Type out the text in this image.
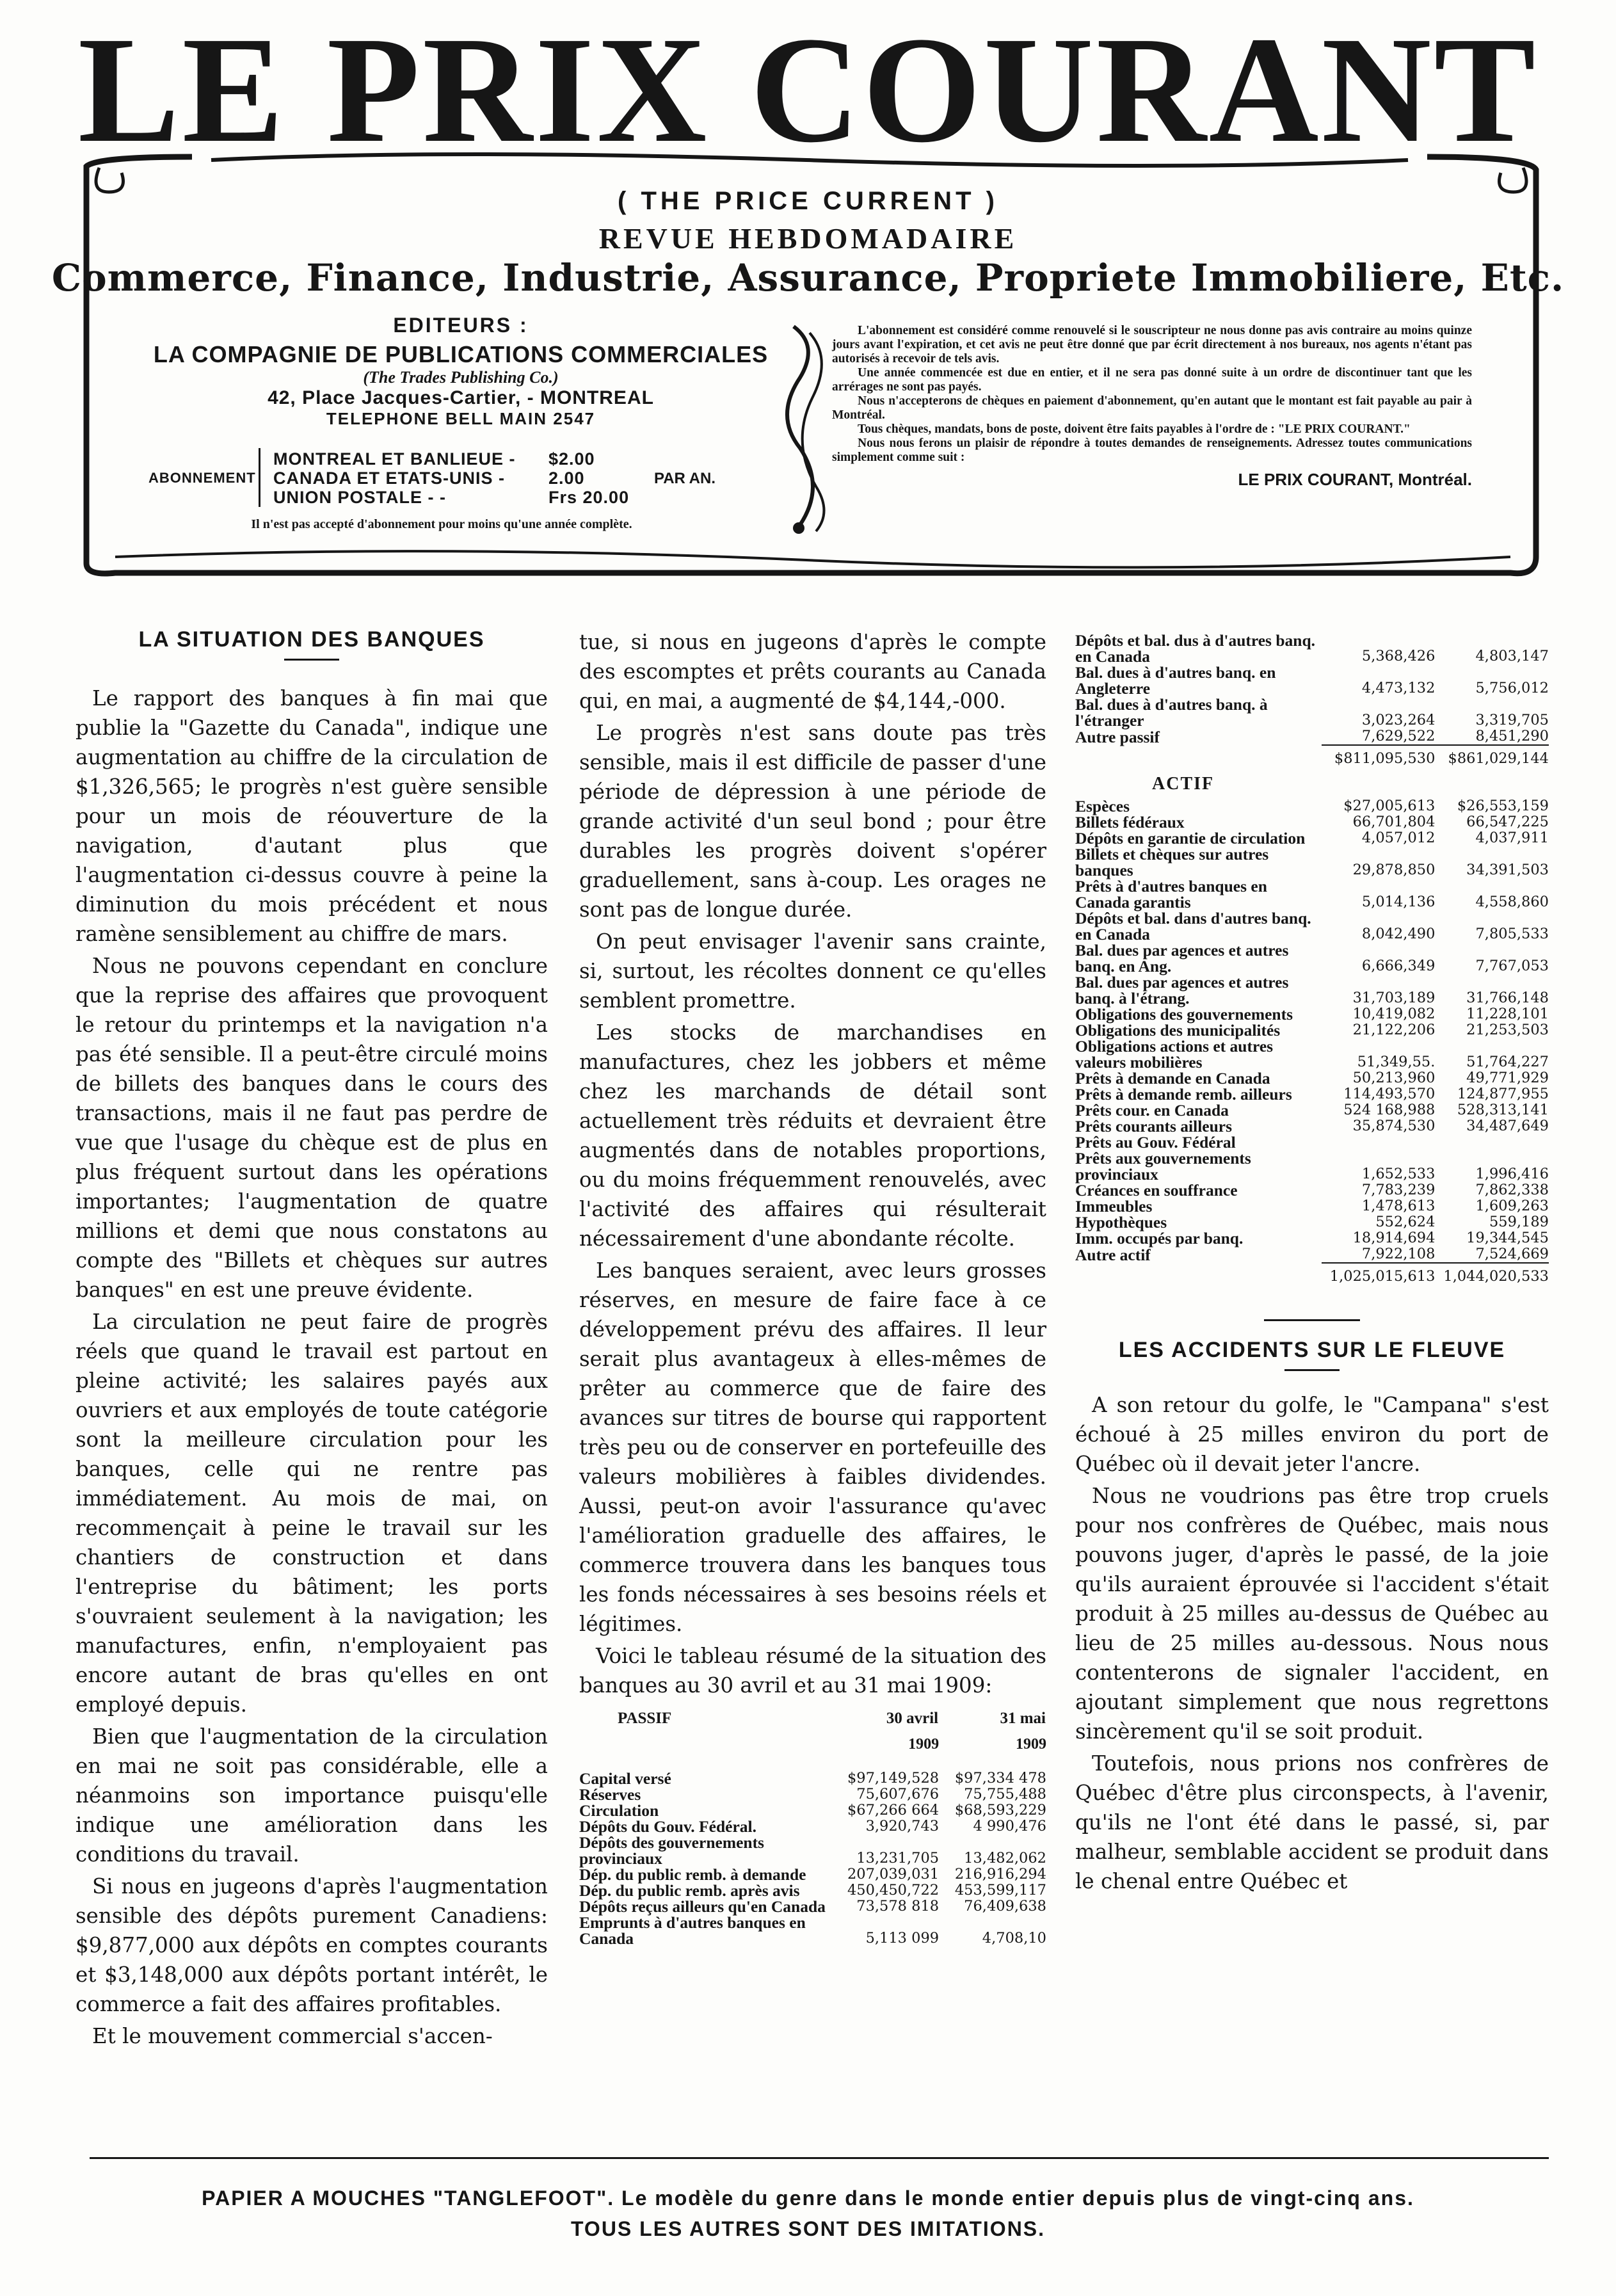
LE PRIX COURANT
( THE PRICE CURRENT )
REVUE HEBDOMADAIRE
Commerce, Finance, Industrie, Assurance, Propriete Immobiliere, Etc.
EDITEURS :
LA COMPAGNIE DE PUBLICATIONS COMMERCIALES
(The Trades Publishing Co.)
42, Place Jacques-Cartier, - MONTREAL
TELEPHONE BELL MAIN 2547
ABONNEMENT
MONTREAL ET BANLIEUE - $2.00
CANADA ET ETATS-UNIS -	2.00
UNION POSTALE - -	Frs 20.00
PAR AN.
Il n'est pas accepté d'abonnement pour moins qu'une année complète.

L'abonnement est considéré comme renouvelé si le souscripteur ne nous donne pas avis contraire au moins quinze jours avant l'expiration, et cet avis ne peut être donné que par écrit directement à nos bureaux, nos agents n'étant pas autorisés à recevoir de tels avis.

Une année commencée est due en entier, et il ne sera pas donné suite à un ordre de discontinuer tant que les arrérages ne sont pas payés.

Nous n'accepterons de chèques en paiement d'abonnement, qu'en autant que le montant est fait payable au pair à Montréal.

Tous chèques, mandats, bons de poste, doivent être faits payables à l'ordre de : "LE PRIX COURANT."

Nous nous ferons un plaisir de répondre à toutes demandes de renseignements. Adressez toutes communications simplement comme suit :

LE PRIX COURANT, Montréal.
LA SITUATION DES BANQUES

Le rapport des banques à fin mai que publie la "Gazette du Canada", indique une augmentation au chiffre de la circulation de $1,326,565; le progrès n'est guère sensible pour un mois de réouverture de la navigation, d'autant plus que l'augmentation ci-dessus couvre à peine la diminution du mois précédent et nous ramène sensiblement au chiffre de mars.

Nous ne pouvons cependant en conclure que la reprise des affaires que provoquent le retour du printemps et la navigation n'a pas été sensible. Il a peut-être circulé moins de billets des banques dans le cours des transactions, mais il ne faut pas perdre de vue que l'usage du chèque est de plus en plus fréquent surtout dans les opérations importantes; l'augmentation de quatre millions et demi que nous constatons au compte des "Billets et chèques sur autres banques" en est une preuve évidente.

La circulation ne peut faire de progrès réels que quand le travail est partout en pleine activité; les salaires payés aux ouvriers et aux employés de toute catégorie sont la meilleure circulation pour les banques, celle qui ne rentre pas immédiatement. Au mois de mai, on recommençait à peine le travail sur les chantiers de construction et dans l'entreprise du bâtiment; les ports s'ouvraient seulement à la navigation; les manufactures, enfin, n'employaient pas encore autant de bras qu'elles en ont employé depuis.

Bien que l'augmentation de la circulation en mai ne soit pas considérable, elle a néanmoins son importance puisqu'elle indique une amélioration dans les conditions du travail.

Si nous en jugeons d'après l'augmentation sensible des dépôts purement Canadiens: $9,877,000 aux dépôts en comptes courants et $3,148,000 aux dépôts portant intérêt, le commerce a fait des affaires profitables.

Et le mouvement commercial s'accen-

tue, si nous en jugeons d'après le compte des escomptes et prêts courants au Canada qui, en mai, a augmenté de $4,144,-000.

Le progrès n'est sans doute pas très sensible, mais il est difficile de passer d'une période de dépression à une période de grande activité d'un seul bond ; pour être durables les progrès doivent s'opérer graduellement, sans à-coup. Les orages ne sont pas de longue durée.

On peut envisager l'avenir sans crainte, si, surtout, les récoltes donnent ce qu'elles semblent promettre.

Les stocks de marchandises en manufactures, chez les jobbers et même chez les marchands de détail sont actuellement très réduits et devraient être augmentés dans de notables proportions, ou du moins fréquemment renouvelés, avec l'activité des affaires qui résulterait nécessairement d'une abondante récolte.

Les banques seraient, avec leurs grosses réserves, en mesure de faire face à ce développement prévu des affaires. Il leur serait plus avantageux à elles-mêmes de prêter au commerce que de faire des avances sur titres de bourse qui rapportent très peu ou de conserver en portefeuille des valeurs mobilières à faibles dividendes. Aussi, peut-on avoir l'assurance qu'avec l'amélioration graduelle des affaires, le commerce trouvera dans les banques tous les fonds nécessaires à ses besoins réels et légitimes.

Voici le tableau résumé de la situation des banques au 30 avril et au 31 mai 1909:

PASSIF	30 avril	31 mai
	1909	1909
Capital versé	$97,149,528	$97,334 478
Réserves	75,607,676	75,755,488
Circulation	$67,266 664	$68,593,229
Dépôts du Gouv. Fédéral.	3,920,743	4 990,476
Dépôts des gouvernements provinciaux	13,231,705	13,482,062
Dép. du public remb. à demande	207,039,031	216,916,294
Dép. du public remb. après avis	450,450,722	453,599,117
Dépôts reçus ailleurs qu'en Canada	73,578 818	76,409,638
Emprunts à d'autres banques en Canada	5,113 099	4,708,10
Dépôts et bal. dus à d'autres banq. en Canada	5,368,426	4,803,147
Bal. dues à d'autres banq. en Angleterre	4,473,132	5,756,012
Bal. dues à d'autres banq. à l'étranger	3,023,264	3,319,705
Autre passif	7,629,522	8,451,290
	$811,095,530	$861,029,144
ACTIF		
Espèces	$27,005,613	$26,553,159
Billets fédéraux	66,701,804	66,547,225
Dépôts en garantie de circulation	4,057,012	4,037,911
Billets et chèques sur autres banques	29,878,850	34,391,503
Prêts à d'autres banques en Canada garantis	5,014,136	4,558,860
Dépôts et bal. dans d'autres banq. en Canada	8,042,490	7,805,533
Bal. dues par agences et autres banq. en Ang.	6,666,349	7,767,053
Bal. dues par agences et autres banq. à l'étrang.	31,703,189	31,766,148
Obligations des gouvernements	10,419,082	11,228,101
Obligations des municipalités	21,122,206	21,253,503
Obligations actions et autres valeurs mobilières	51,349,55.	51,764,227
Prêts à demande en Canada	50,213,960	49,771,929
Prêts à demande remb. ailleurs	114,493,570	124,877,955
Prêts cour. en Canada	524 168,988	528,313,141
Prêts courants ailleurs	35,874,530	34,487,649
Prêts au Gouv. Fédéral		
Prêts aux gouvernements provinciaux	1,652,533	1,996,416
Créances en souffrance	7,783,239	7,862,338
Immeubles	1,478,613	1,609,263
Hypothèques	552,624	559,189
Imm. occupés par banq.	18,914,694	19,344,545
Autre actif	7,922,108	7,524,669
	1,025,015,613	1,044,020,533
LES ACCIDENTS SUR LE FLEUVE

A son retour du golfe, le "Campana" s'est échoué à 25 milles environ du port de Québec où il devait jeter l'ancre.

Nous ne voudrions pas être trop cruels pour nos confrères de Québec, mais nous pouvons juger, d'après le passé, de la joie qu'ils auraient éprouvée si l'accident s'était produit à 25 milles au-dessus de Québec au lieu de 25 milles au-dessous. Nous nous contenterons de signaler l'accident, en ajoutant simplement que nous regrettons sincèrement qu'il se soit produit.

Toutefois, nous prions nos confrères de Québec d'être plus circonspects, à l'avenir, qu'ils ne l'ont été dans le passé, si, par malheur, semblable accident se produit dans le chenal entre Québec et

PAPIER A MOUCHES "TANGLEFOOT". Le modèle du genre dans le monde entier depuis plus de vingt-cinq ans.
TOUS LES AUTRES SONT DES IMITATIONS.
